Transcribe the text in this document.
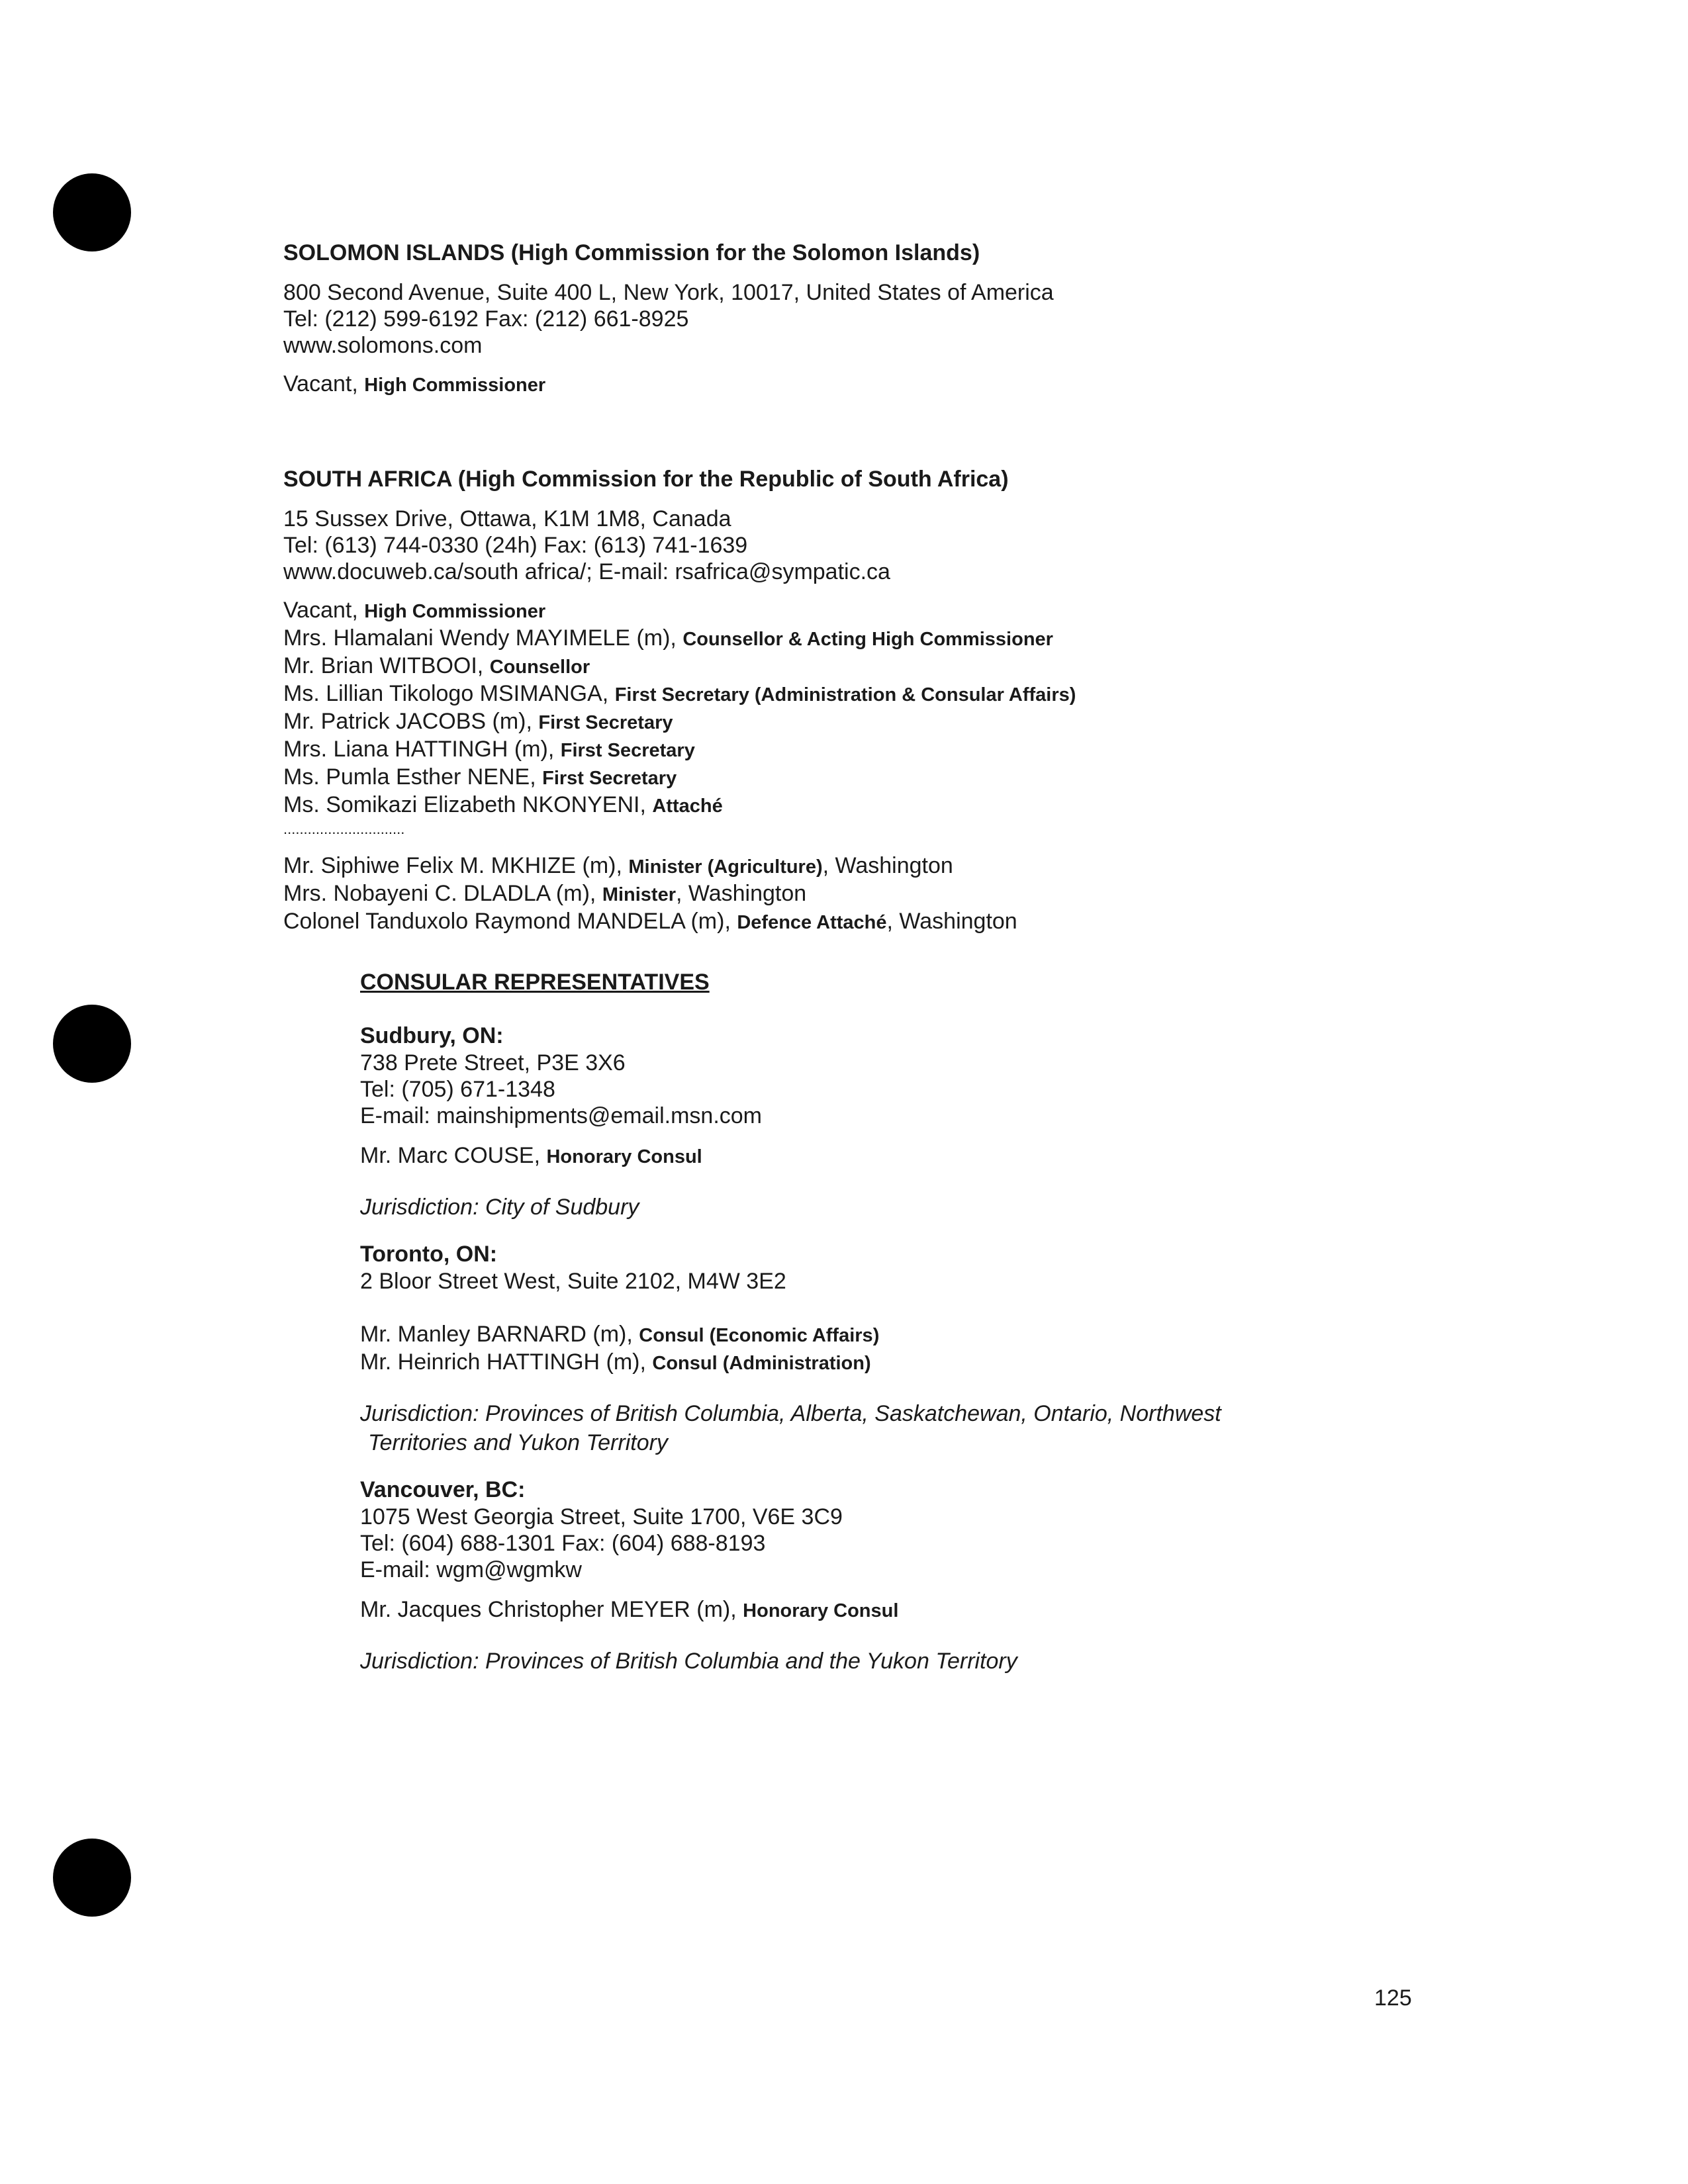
SOLOMON ISLANDS (High Commission for the Solomon Islands)
800 Second Avenue, Suite 400 L, New York, 10017, United States of America
Tel: (212) 599-6192 Fax: (212) 661-8925
www.solomons.com
Vacant, High Commissioner
SOUTH AFRICA (High Commission for the Republic of South Africa)
15 Sussex Drive, Ottawa, K1M 1M8, Canada
Tel: (613) 744-0330 (24h) Fax: (613) 741-1639
www.docuweb.ca/south africa/; E-mail: rsafrica@sympatic.ca
Vacant, High Commissioner
Mrs. Hlamalani Wendy MAYIMELE (m), Counsellor & Acting High Commissioner
Mr. Brian WITBOOI, Counsellor
Ms. Lillian Tikologo MSIMANGA, First Secretary (Administration & Consular Affairs)
Mr. Patrick JACOBS (m), First Secretary
Mrs. Liana HATTINGH (m), First Secretary
Ms. Pumla Esther NENE, First Secretary
Ms. Somikazi Elizabeth NKONYENI, Attaché
..............................
Mr. Siphiwe Felix M. MKHIZE (m), Minister (Agriculture), Washington
Mrs. Nobayeni C. DLADLA (m), Minister, Washington
Colonel Tanduxolo Raymond MANDELA (m), Defence Attaché, Washington
CONSULAR REPRESENTATIVES
Sudbury, ON:
738 Prete Street, P3E 3X6
Tel: (705) 671-1348
E-mail: mainshipments@email.msn.com
Mr. Marc COUSE, Honorary Consul
Jurisdiction: City of Sudbury
Toronto, ON:
2 Bloor Street West, Suite 2102, M4W 3E2
Mr. Manley BARNARD (m), Consul (Economic Affairs)
Mr. Heinrich HATTINGH (m), Consul (Administration)
Jurisdiction: Provinces of British Columbia, Alberta, Saskatchewan, Ontario, Northwest
Territories and Yukon Territory
Vancouver, BC:
1075 West Georgia Street, Suite 1700, V6E 3C9
Tel: (604) 688-1301 Fax: (604) 688-8193
E-mail: wgm@wgmkw
Mr. Jacques Christopher MEYER (m), Honorary Consul
Jurisdiction: Provinces of British Columbia and the Yukon Territory
125
